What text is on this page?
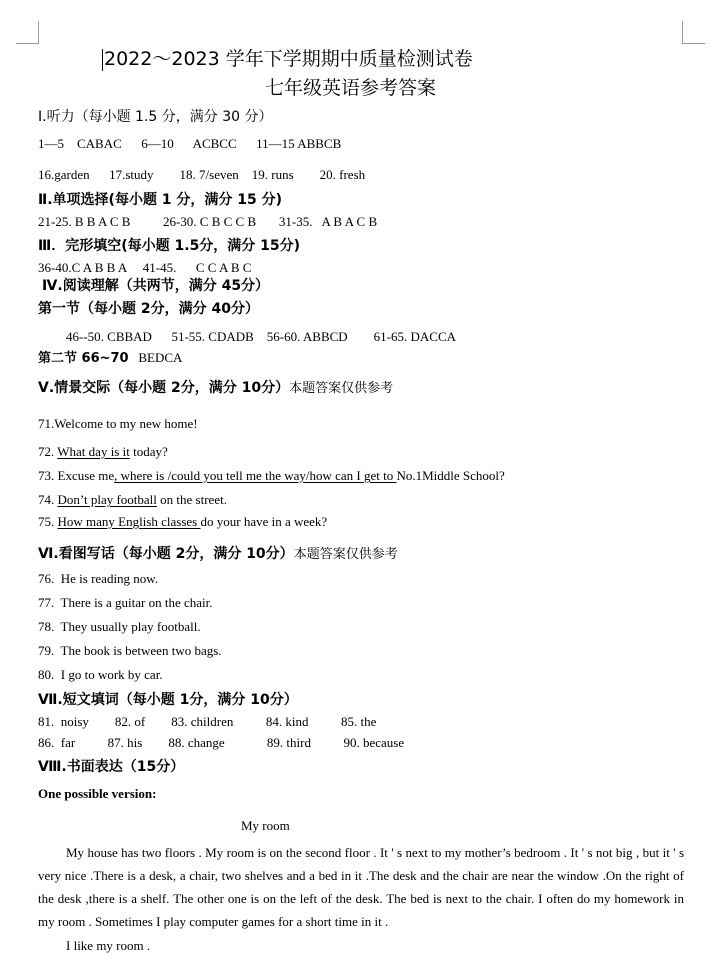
2022～2023 学年下学期期中质量检测试卷
七年级英语参考答案
Ⅰ.听力（每小题 1.5 分，满分 30 分）
1—5    CABAC      6—10      ACBCC      11—15 ABBCB
16.garden      17.study        18. 7/seven    19. runs        20. fresh
Ⅱ.单项选择(每小题 1 分，满分 15 分)
21-25. B B A C B          26-30. C B C C B       31-35.   A B A C B
Ⅲ．完形填空(每小题 1.5分，满分 15分)
36-40.C A B B A     41-45.      C C A B C
Ⅳ.阅读理解（共两节，满分 45分）
第一节（每小题 2分，满分 40分）
46--50. CBBAD      51-55. CDADB    56-60. ABBCD        61-65. DACCA
第二节 66~70   BEDCA
Ⅴ.情景交际（每小题 2分，满分 10分）本题答案仅供参考
71.Welcome to my new home!
72. What day is it today?
73. Excuse me, where is /could you tell me the way/how can I get to No.1Middle School?
74. Don’t play football on the street.
75. How many English classes do your have in a week?
Ⅵ.看图写话（每小题 2分，满分 10分）本题答案仅供参考
76.  He is reading now.
77.  There is a guitar on the chair.
78.  They usually play football.
79.  The book is between two bags.
80.  I go to work by car.
Ⅶ.短文填词（每小题 1分，满分 10分）
81.  noisy        82. of        83. children          84. kind          85. the
86.  far          87. his        88. change             89. third          90. because
Ⅷ.书面表达（15分）
One possible version:
My room
My house has two floors . My room is on the second floor . It ' s next to my mother’s bedroom . It ' s not big , but it ' s very nice .There is a desk, a chair, two shelves and a bed in it .The desk and the chair are near the window .On the right of the desk ,there is a shelf. The other one is on the left of the desk. The bed is next to the chair. I often do my homework in my room . Sometimes I play computer games for a short time in it .
I like my room .
